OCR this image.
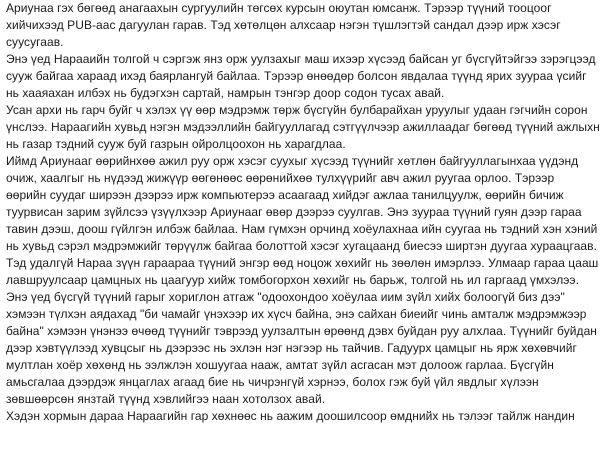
Ариунаа гэх бөгөөд анагаахын сургуулийн төгсөх курсын оюутан юмсанж. Тэрээр түүний тооцоог
хийчихээд PUB-аас дагуулан гарав. Тэд хөтөлцөн алхсаар нэгэн түшлэгтэй сандал дээр ирж хэсэг
суусугаав.

Энэ үед Нарааийн толгой ч сэргэж янз орж уулзахыг маш ихээр хүсээд байсан уг бүсгүйтэйгээ зэрэгцээд
сууж байгаа хараад ихэд баярлангуй байлаа. Тэрээр өнөөдөр болсон явдалаа түүнд ярих зуураа үсийг
нь хааяахан илбэх нь будэгхэн сартай, намрын тэнгэр доор содон тусах авай.

Усан архи нь гарч буйг ч хэлэх үү өөр мэдрэмж төрж бүсгүйн булбарайхан уруулыг удаан гэгчийн сорон
үнслээ. Нараагийн хувьд нэгэн мэдээллийн байгууллагад сэтгүүлчээр ажиллаадаг бөгөөд түүний ажлыхн
нь газар тэдний сууж буй газрын ойролцоохон нь харагдлаа.

Иймд Ариунааг өөрийнхөө ажил руу орж хэсэг суухыг хүсээд түүнийг хөтлөн байгууллагынхаа үүдэнд
очиж, хаалгыг нь нүдээд жижүүр өөгөнөөс өөрөнийхөө тулхүүрийг авч ажил руугаа орлоо. Тэрээр
өөрийн суудаг ширээн дээрээ ирж компьютерээ асаагаад хийдэг ажлаа танилцуулж, өөрийн бичиж
туурвисан зарим зүйлсээ үзүүлхээр Ариунааг өвөр дээрээ суулгав. Энэ зуураа түүний гуян дээр гараа
тавин дээш, доош гүйлгэн илбэж байлаа. Нам гүмхэн орчинд хоёулахнаа ийн суугаа нь тэдний хэн хэний
нь хувьд сэрэл мэдрэмжийг төрүүлж байгаа болоттой хэсэг хугацаанд биесээ ширтэн дуугаа хураацгаав.
Тэд удалгүй Нараа зүүн гараараа түүний энгэр өөд ноцож хөхийг нь зөөлөн имэрлээ. Улмаар гараа цааш
лавшруулсаар цамцных нь цаагуур хийж томбогорхон хөхийг нь барьж, толгой нь ил гаргаад үмхэлээ.

Энэ үед бүсгүй түүний гарыг хориглон атгаж "одоохондоо хоёулаа иим зүйл хийх болоогүй биз дээ"
хэмээн түлхэн аядахад "би чамайг үнэхээр их хүсч байна, энэ сайхан биеийг чинь амталж мэдрэмжээр
байна" хэмээн үнэнээ өчөөд түүнийг тэврээд уулзалтын өрөөнд дэвх буйдан руу алхлаа. Түүнийг буйдан
дээр хэвтүүлээд хувцсыг нь дээрээс нь эхлэн нэг нэгээр нь тайчив. Гадуурх цамцыг нь ярж хөхөвчийг
мултлан хоёр хөхөнд нь ээлжлэн хошуугаа нааж, амтат зүйл асгасан мэт долоож гарлаа. Бүсгүйн
амьсгалаа дээрдэж янцаглах агаад бие нь чичрэнгүй хэрнээ, болох гэж буй үйл явдлыг хүлээн
зөвшөөрсөн янзтай түүнд хэвлийгээ наан хотолзох авай.

Хэдэн хормын дараа Нараагийн гар хөхнөөс нь аажим доошилсоор өмднийх нь тэлээг тайлж нандин
